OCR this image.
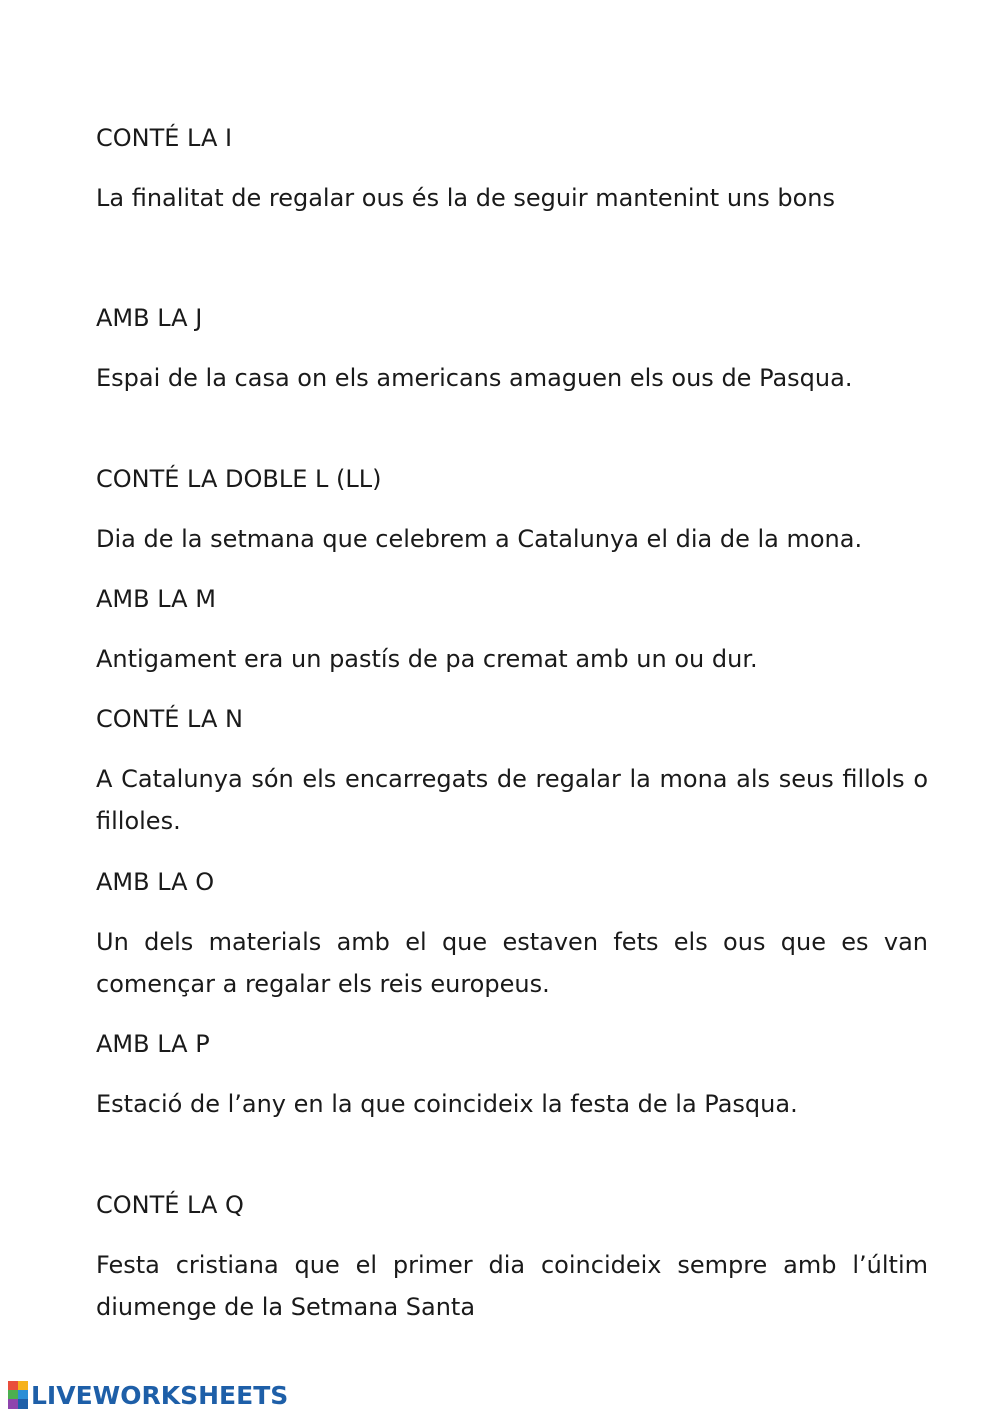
CONTÉ LA I

La finalitat de regalar ous és la de seguir mantenint uns bons

AMB LA J

Espai de la casa on els americans amaguen els ous de Pasqua.

CONTÉ LA DOBLE L (LL)

Dia de la setmana que celebrem a Catalunya el dia de la mona.

AMB LA M

Antigament era un pastís de pa cremat amb un ou dur.

CONTÉ LA N

A Catalunya són els encarregats de regalar la mona als seus fillols o filloles.

AMB LA O

Un dels materials amb el que estaven fets els ous que es van començar a regalar els reis europeus.

AMB LA P

Estació de l’any en la que coincideix la festa de la Pasqua.

CONTÉ LA Q

Festa cristiana que el primer dia coincideix sempre amb l’últim diumenge de la Setmana Santa

LIVEWORKSHEETS
